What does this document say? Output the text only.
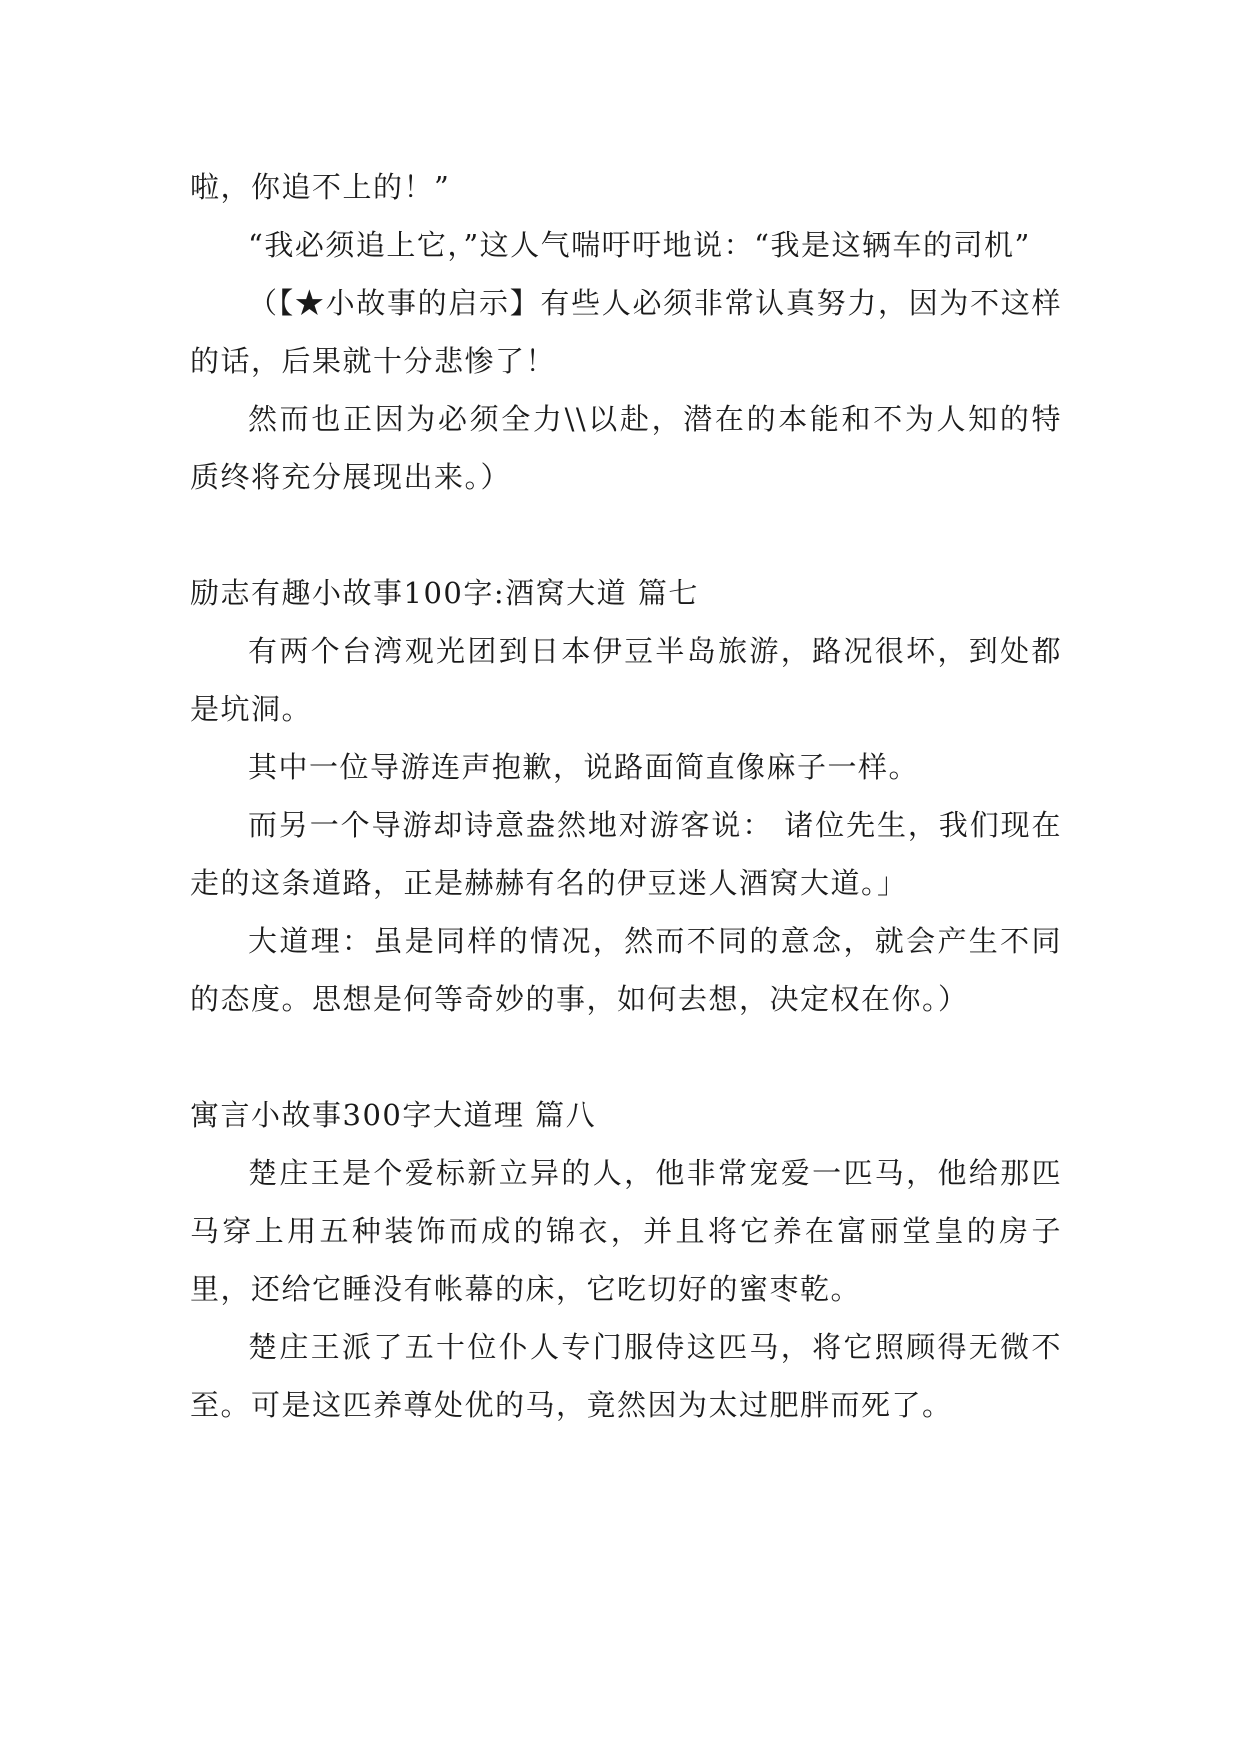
啦，你追不上的！”

“我必须追上它，”这人气喘吁吁地说：“我是这辆车的司机”

（【★小故事的启示】有些人必须非常认真努力，因为不这样的话，后果就十分悲惨了！

然而也正因为必须全力\\以赴，潜在的本能和不为人知的特质终将充分展现出来。）

励志有趣小故事100字:酒窝大道 篇七

有两个台湾观光团到日本伊豆半岛旅游，路况很坏，到处都是坑洞。

其中一位导游连声抱歉，说路面简直像麻子一样。

而另一个导游却诗意盎然地对游客说： 诸位先生，我们现在走的这条道路，正是赫赫有名的伊豆迷人酒窝大道。」

大道理：虽是同样的情况，然而不同的意念，就会产生不同的态度。思想是何等奇妙的事，如何去想，决定权在你。）

寓言小故事300字大道理 篇八

楚庄王是个爱标新立异的人，他非常宠爱一匹马，他给那匹马穿上用五种装饰而成的锦衣，并且将它养在富丽堂皇的房子里，还给它睡没有帐幕的床，它吃切好的蜜枣乾。

楚庄王派了五十位仆人专门服侍这匹马，将它照顾得无微不至。可是这匹养尊处优的马，竟然因为太过肥胖而死了。
